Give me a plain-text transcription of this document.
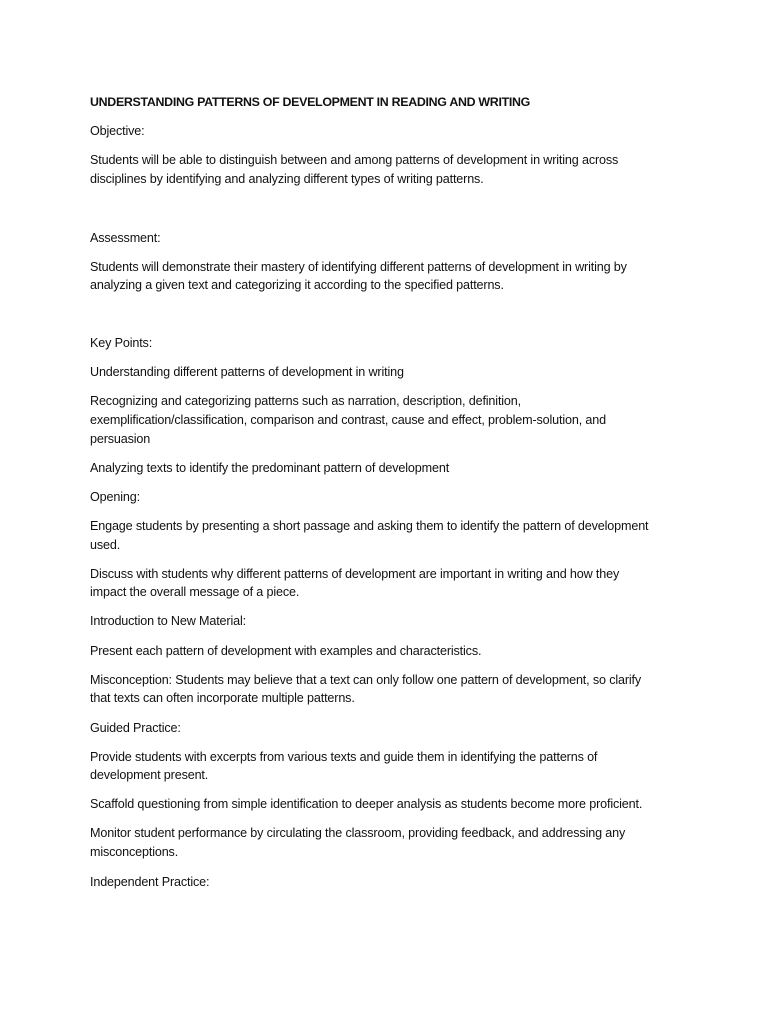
UNDERSTANDING PATTERNS OF DEVELOPMENT IN READING AND WRITING
Objective:
Students will be able to distinguish between and among patterns of development in writing across
disciplines by identifying and analyzing different types of writing patterns.
Assessment:
Students will demonstrate their mastery of identifying different patterns of development in writing by
analyzing a given text and categorizing it according to the specified patterns.
Key Points:
Understanding different patterns of development in writing
Recognizing and categorizing patterns such as narration, description, definition,
exemplification/classification, comparison and contrast, cause and effect, problem-solution, and
persuasion
Analyzing texts to identify the predominant pattern of development
Opening:
Engage students by presenting a short passage and asking them to identify the pattern of development
used.
Discuss with students why different patterns of development are important in writing and how they
impact the overall message of a piece.
Introduction to New Material:
Present each pattern of development with examples and characteristics.
Misconception: Students may believe that a text can only follow one pattern of development, so clarify
that texts can often incorporate multiple patterns.
Guided Practice:
Provide students with excerpts from various texts and guide them in identifying the patterns of
development present.
Scaffold questioning from simple identification to deeper analysis as students become more proficient.
Monitor student performance by circulating the classroom, providing feedback, and addressing any
misconceptions.
Independent Practice:
